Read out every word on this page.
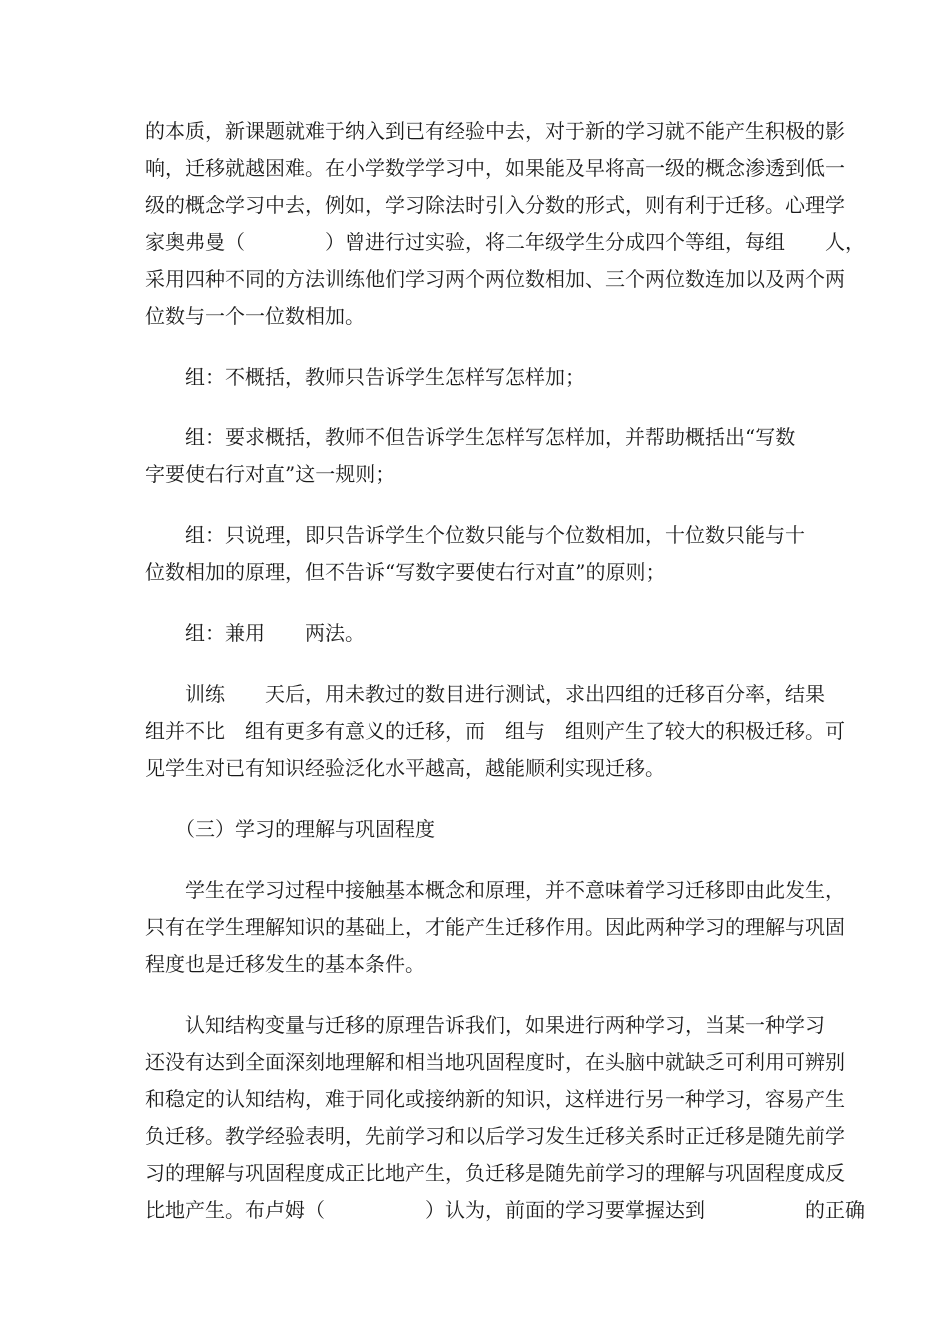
的本质，新课题就难于纳入到已有经验中去，对于新的学习就不能产生积极的影
响，迁移就越困难。在小学数学学习中，如果能及早将高一级的概念渗透到低一
级的概念学习中去，例如，学习除法时引入分数的形式，则有利于迁移。心理学
家奥弗曼（　　　　）曾进行过实验，将二年级学生分成四个等组，每组　　人，
采用四种不同的方法训练他们学习两个两位数相加、三个两位数连加以及两个两
位数与一个一位数相加。
　　组：不概括，教师只告诉学生怎样写怎样加；
　　组：要求概括，教师不但告诉学生怎样写怎样加，并帮助概括出“写数
字要使右行对直”这一规则；
　　组：只说理，即只告诉学生个位数只能与个位数相加，十位数只能与十
位数相加的原理，但不告诉“写数字要使右行对直”的原则；
　　组：兼用　　两法。
　　训练　　天后，用未教过的数目进行测试，求出四组的迁移百分率，结果
组并不比　组有更多有意义的迁移，而　组与　组则产生了较大的积极迁移。可
见学生对已有知识经验泛化水平越高，越能顺利实现迁移。
　　（三）学习的理解与巩固程度
　　学生在学习过程中接触基本概念和原理，并不意味着学习迁移即由此发生，
只有在学生理解知识的基础上，才能产生迁移作用。因此两种学习的理解与巩固
程度也是迁移发生的基本条件。
　　认知结构变量与迁移的原理告诉我们，如果进行两种学习，当某一种学习
还没有达到全面深刻地理解和相当地巩固程度时，在头脑中就缺乏可利用可辨别
和稳定的认知结构，难于同化或接纳新的知识，这样进行另一种学习，容易产生
负迁移。教学经验表明，先前学习和以后学习发生迁移关系时正迁移是随先前学
习的理解与巩固程度成正比地产生，负迁移是随先前学习的理解与巩固程度成反
比地产生。布卢姆（　　　　　）认为，前面的学习要掌握达到　　　　　的正确
